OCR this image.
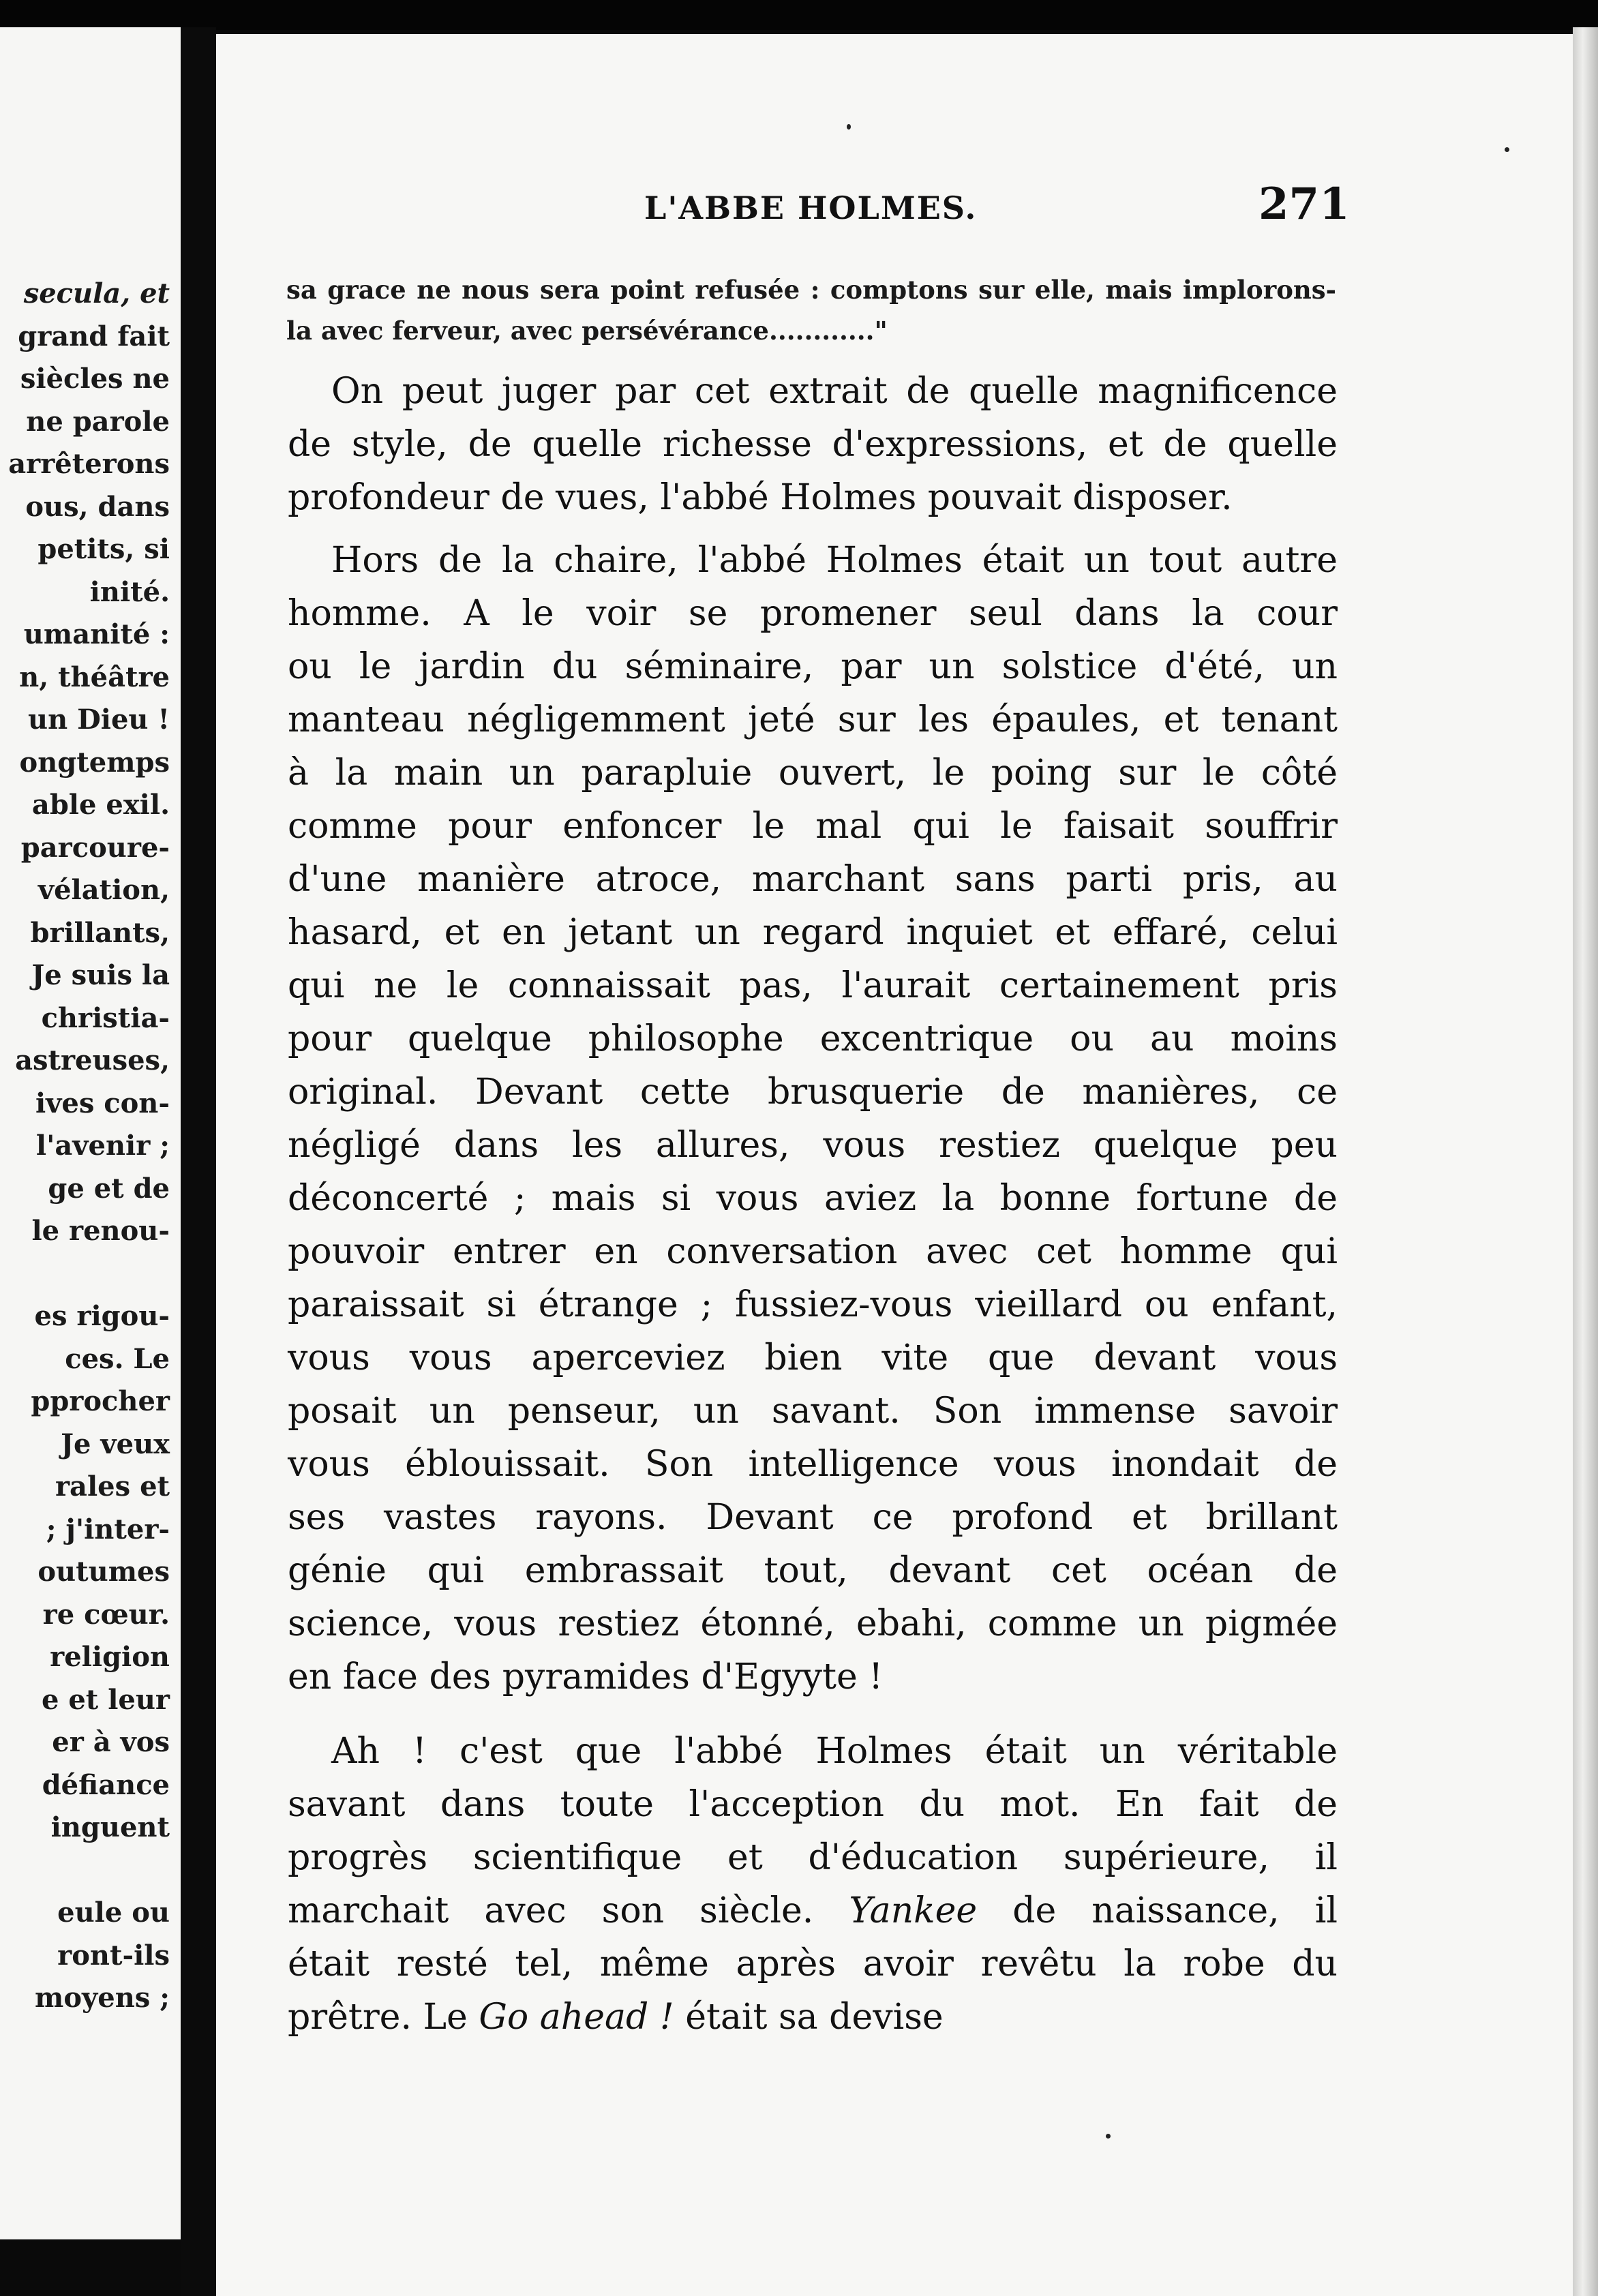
secula, et
grand fait
siècles ne
ne parole
arrêterons
ous, dans
petits, si
inité.
umanité :
n, théâtre
un Dieu !
ongtemps
able exil.
parcoure-
vélation,
brillants,
Je suis la
christia-
astreuses,
ives con-
l'avenir ;
ge et de
le renou-
es rigou-
ces. Le
pprocher
Je veux
rales et
; j'inter-
outumes
re cœur.
religion
e et leur
er à vos
défiance
inguent
eule ou
ront-ils
moyens ;
L'ABBE HOLMES.	271
sa grace ne nous sera point refusée : comptons sur elle, mais implorons-
la avec ferveur, avec persévérance............"
On peut juger par cet extrait de quelle magnificence
de style, de quelle richesse d'expressions, et de quelle
profondeur de vues, l'abbé Holmes pouvait disposer.
Hors de la chaire, l'abbé Holmes était un tout autre
homme. A le voir se promener seul dans la cour
ou le jardin du séminaire, par un solstice d'été, un
manteau négligemment jeté sur les épaules, et tenant
à la main un parapluie ouvert, le poing sur le côté
comme pour enfoncer le mal qui le faisait souffrir
d'une manière atroce, marchant sans parti pris, au
hasard, et en jetant un regard inquiet et effaré, celui
qui ne le connaissait pas, l'aurait certainement pris
pour quelque philosophe excentrique ou au moins
original. Devant cette brusquerie de manières, ce
négligé dans les allures, vous restiez quelque peu
déconcerté ; mais si vous aviez la bonne fortune de
pouvoir entrer en conversation avec cet homme qui
paraissait si étrange ; fussiez-vous vieillard ou enfant,
vous vous aperceviez bien vite que devant vous
posait un penseur, un savant. Son immense savoir
vous éblouissait. Son intelligence vous inondait de
ses vastes rayons. Devant ce profond et brillant
génie qui embrassait tout, devant cet océan de
science, vous restiez étonné, ebahi, comme un pigmée
en face des pyramides d'Egyyte !
Ah ! c'est que l'abbé Holmes était un véritable
savant dans toute l'acception du mot. En fait de
progrès scientifique et d'éducation supérieure, il
marchait avec son siècle. Yankee de naissance, il
était resté tel, même après avoir revêtu la robe du
prêtre. Le Go ahead ! était sa devise
